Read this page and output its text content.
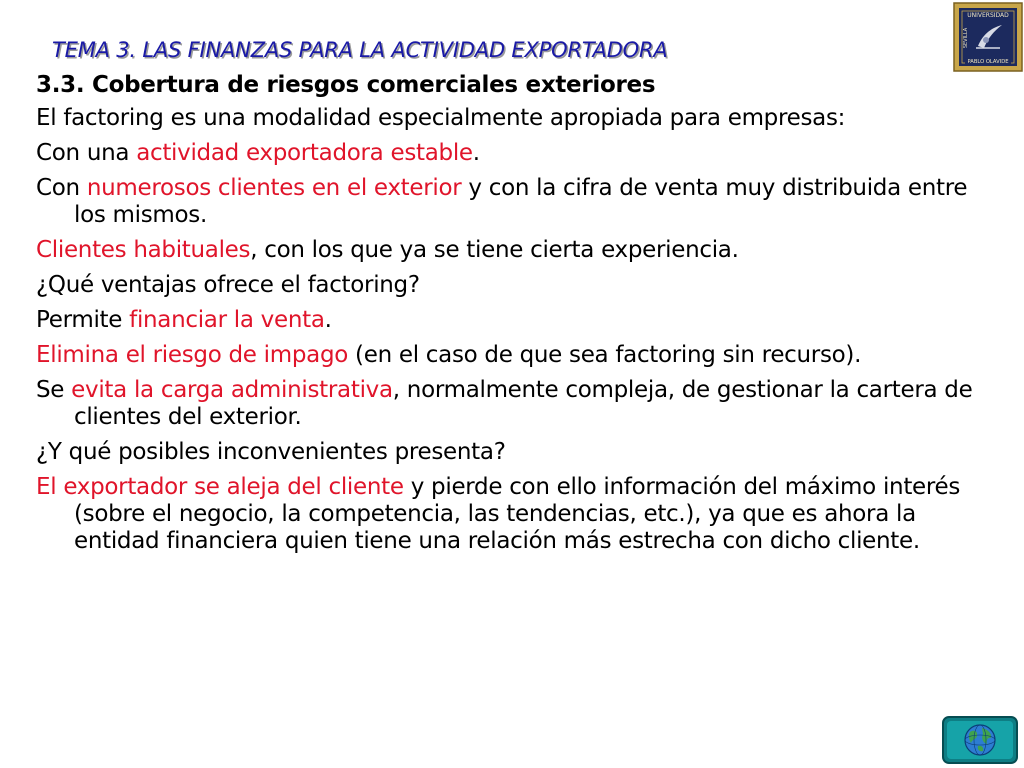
TEMA 3. LAS FINANZAS PARA LA ACTIVIDAD EXPORTADORA
UNIVERSIDAD
SEVILLA
PABLO OLAVIDE
3.3. Cobertura de riesgos comerciales exteriores
El factoring es una modalidad especialmente apropiada para empresas:
Con una actividad exportadora estable.
Con numerosos clientes en el exterior y con la cifra de venta muy distribuida entre los mismos.
Clientes habituales, con los que ya se tiene cierta experiencia.
¿Qué ventajas ofrece el factoring?
Permite financiar la venta.
Elimina el riesgo de impago (en el caso de que sea factoring sin recurso).
Se evita la carga administrativa, normalmente compleja, de gestionar la cartera de clientes del exterior.
¿Y qué posibles inconvenientes presenta?
El exportador se aleja del cliente y pierde con ello información del máximo interés (sobre el negocio, la competencia, las tendencias, etc.), ya que es ahora la entidad financiera quien tiene una relación más estrecha con dicho cliente.
